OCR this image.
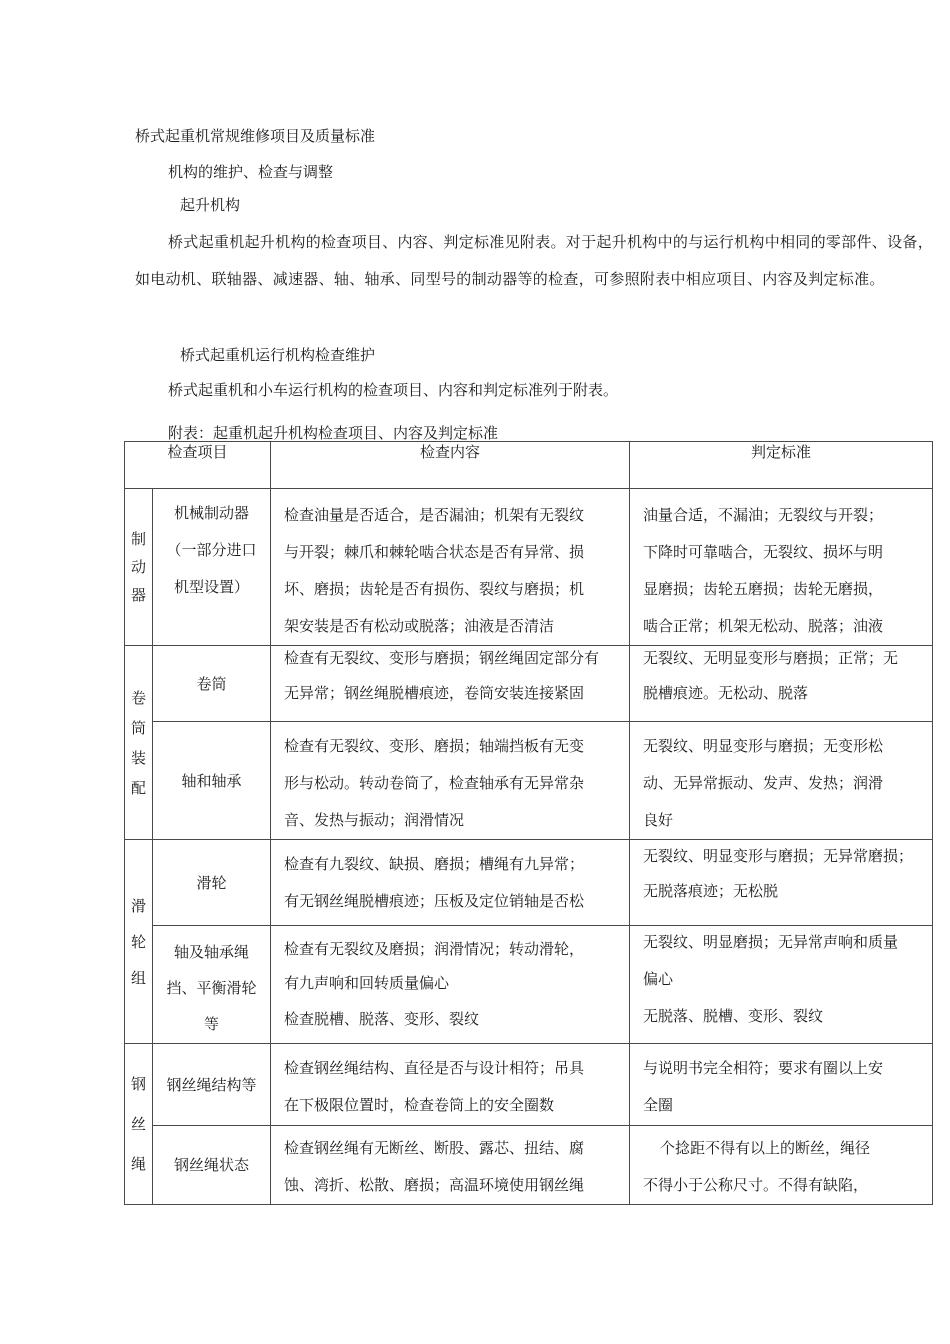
桥式起重机常规维修项目及质量标准

机构的维护、检查与调整

起升机构

桥式起重机起升机构的检查项目、内容、判定标准见附表。对于起升机构中的与运行机构中相同的零部件、设备，如电动机、联轴器、减速器、轴、轴承、同型号的制动器等的检查，可参照附表中相应项目、内容及判定标准。

桥式起重机运行机构检查维护

桥式起重机和小车运行机构的检查项目、内容和判定标准列于附表。

附表：起重机起升机构检查项目、内容及判定标准

检查项目		检查内容	判定标准

制
动
器	机械制动器
（一部分进口
机型设置）	检查油量是否适合，是否漏油；机架有无裂纹
与开裂；棘爪和棘轮啮合状态是否有异常、损
坏、磨损；齿轮是否有损伤、裂纹与磨损；机
架安装是否有松动或脱落；油液是否清洁	油量合适，不漏油；无裂纹与开裂；
下降时可靠啮合，无裂纹、损坏与明
显磨损；齿轮五磨损；齿轮无磨损，
啮合正常；机架无松动、脱落；油液

卷
筒
装
配	卷筒	检查有无裂纹、变形与磨损；钢丝绳固定部分有
无异常；钢丝绳脱槽痕迹，卷筒安装连接紧固	无裂纹、无明显变形与磨损；正常；无
脱槽痕迹。无松动、脱落

	轴和轴承	检查有无裂纹、变形、磨损；轴端挡板有无变
形与松动。转动卷筒了，检查轴承有无异常杂
音、发热与振动；润滑情况	无裂纹、明显变形与磨损；无变形松
动、无异常振动、发声、发热；润滑
良好

滑
轮
组	滑轮	检查有九裂纹、缺损、磨损；槽绳有九异常；
有无钢丝绳脱槽痕迹；压板及定位销轴是否松	无裂纹、明显变形与磨损；无异常磨损；
无脱落痕迹；无松脱

	轴及轴承绳
挡、平衡滑轮
等	检查有无裂纹及磨损；润滑情况；转动滑轮，
有九声响和回转质量偏心
检查脱槽、脱落、变形、裂纹	无裂纹、明显磨损；无异常声响和质量
偏心
无脱落、脱槽、变形、裂纹

钢
丝
绳	钢丝绳结构等	检查钢丝绳结构、直径是否与设计相符；吊具
在下极限位置时，检查卷筒上的安全圈数	与说明书完全相符；要求有圈以上安
全圈

	钢丝绳状态	检查钢丝绳有无断丝、断股、露芯、扭结、腐
蚀、湾折、松散、磨损；高温环境使用钢丝绳	个捻距不得有以上的断丝，绳径
不得小于公称尺寸。不得有缺陷，
